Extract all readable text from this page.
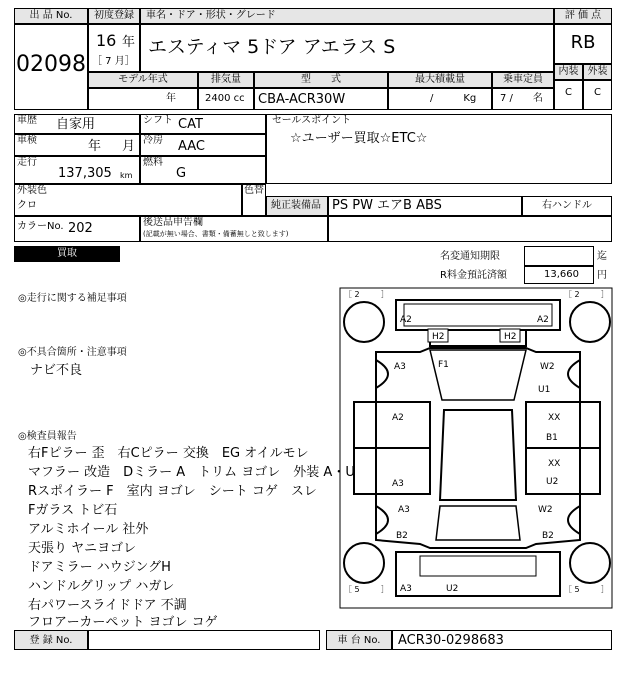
出 品 No.
02098
初度登録
16 年
［ 7 月］
車名・ドア・形状・グレード
エスティマ 5ドア アエラス S
評 価 点
RB
内装 外装
C	C
モデル年式
年
排気量
2400 cc
型　　式
CBA-ACR30W
最大積載量
/　　　Kg
乗車定員
7 /　　名
車歴 自家用
車検	年 月
走行
137,305 km
シフト CAT
冷房 AAC
燃料
G
セールスポイント
☆ユーザー買取☆ETC☆
外装色
クロ
色替
純正装備品 PS PW エアB ABS	右ハンドル
カラーNo. 202	後送品申告欄
(記載が無い場合、書類・備蓄無しと致します)
買取	名変通知期限	迄
R料金預託済額	13,660 円
◎走行に関する補足事項
◎不具合箇所・注意事項
ナビ不良
◎検査員報告
右Fピラー 歪　右Cピラー 交換　EG オイルモレ
マフラー 改造　Dミラー A　トリム ヨゴレ　外装 A・U
Rスポイラー F　室内 ヨゴレ　シート コゲ　スレ
Fガラス トビ石
アルミホイール 社外
天張り ヤニヨゴレ
ドアミラー ハウジングH
ハンドルグリップ ハガレ
右パワースライドドア 不調
フロアーカーペット ヨゴレ コゲ
［ 2 　 　］	［ 2 　 　］
［ 5 　 　］	［ 5 　 　］
A2	A2
H2	H2
A3	F1	W2
U1
A2	XX
B1
A3
XX
U2
A3
B2
W2
B2
A3	U2
登 録 No.	車 台 No.	ACR30-0298683
